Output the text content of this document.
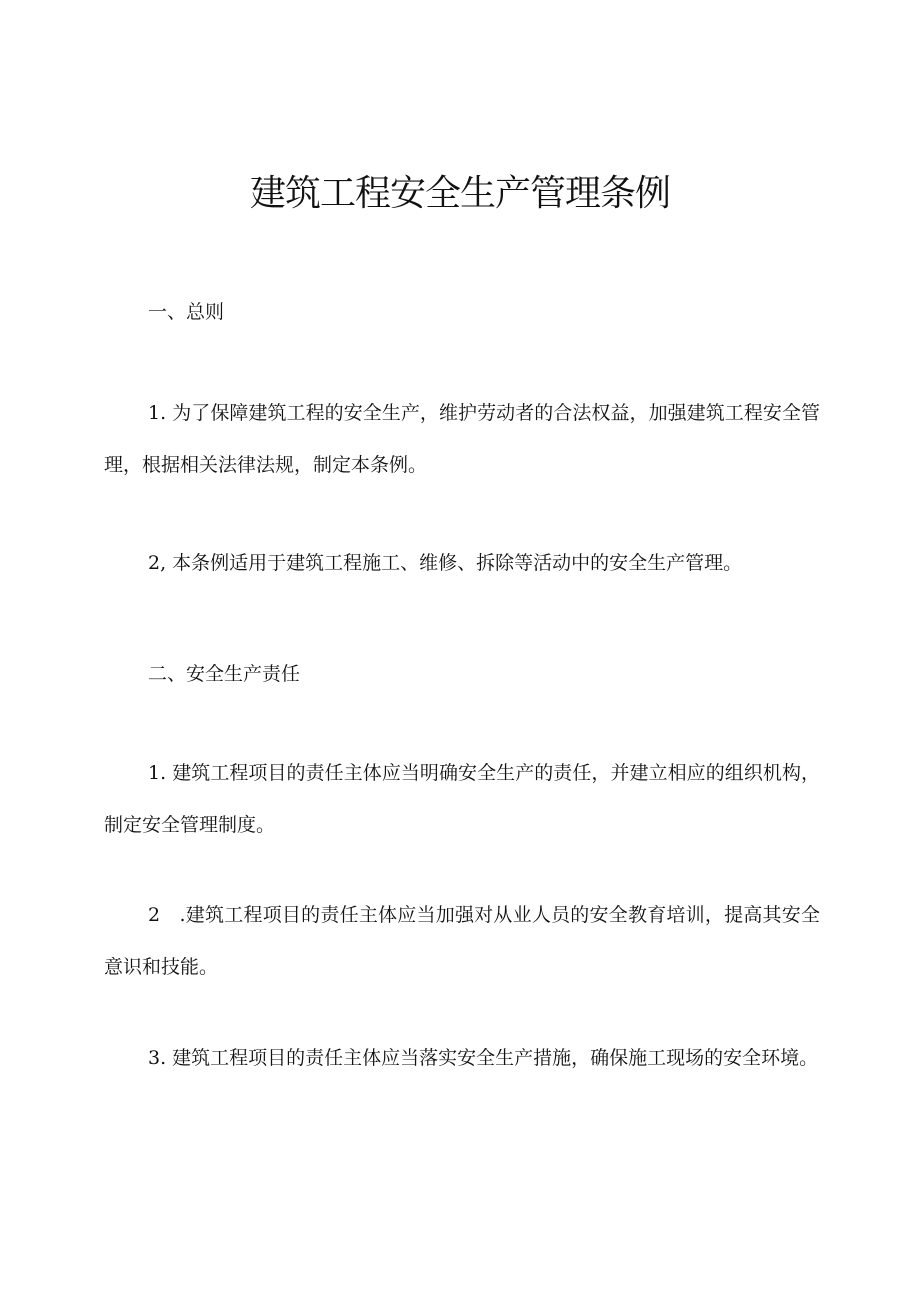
建筑工程安全生产管理条例

一、总则

1. 为了保障建筑工程的安全生产，维护劳动者的合法权益，加强建筑工程安全管理，根据相关法律法规，制定本条例。

2, 本条例适用于建筑工程施工、维修、拆除等活动中的安全生产管理。

二、安全生产责任

1. 建筑工程项目的责任主体应当明确安全生产的责任，并建立相应的组织机构，制定安全管理制度。

2　.建筑工程项目的责任主体应当加强对从业人员的安全教育培训，提高其安全意识和技能。

3. 建筑工程项目的责任主体应当落实安全生产措施，确保施工现场的安全环境。
